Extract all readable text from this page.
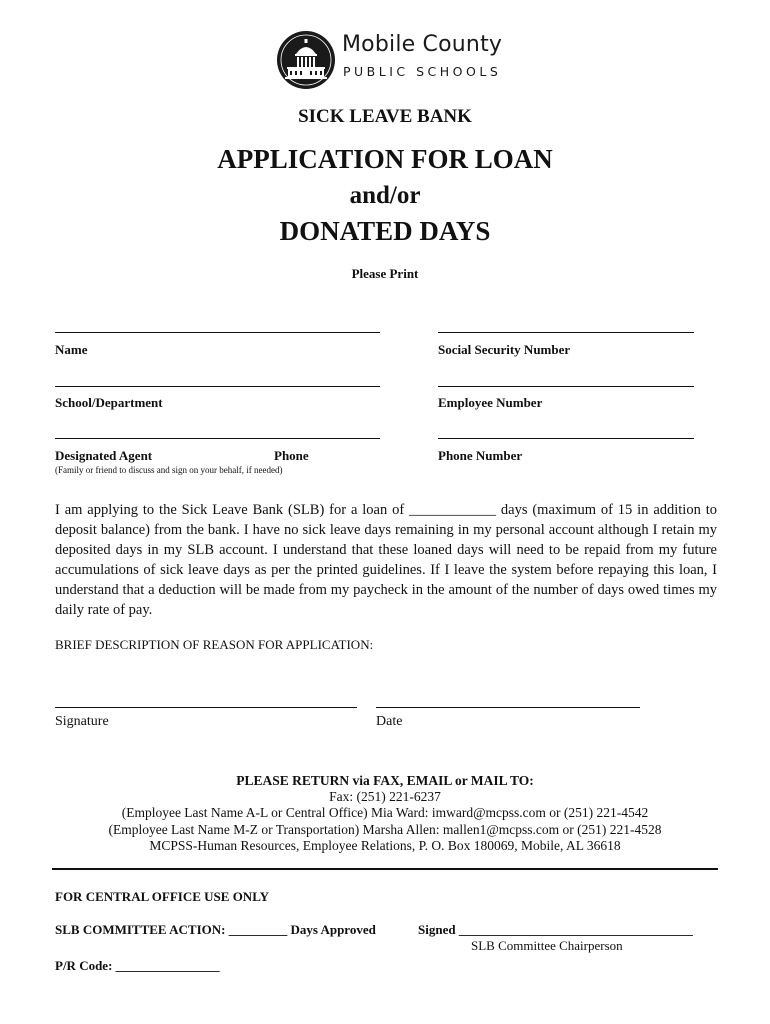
Mobile County
PUBLIC SCHOOLS
SICK LEAVE BANK
APPLICATION FOR LOAN
and/or
DONATED DAYS
Please Print
Name	Social Security Number
School/Department	Employee Number
Designated Agent	Phone	Phone Number
(Family or friend to discuss and sign on your behalf, if needed)
I am applying to the Sick Leave Bank (SLB) for a loan of ____________ days (maximum of 15 in addition to deposit balance) from the bank. I have no sick leave days remaining in my personal account although I retain my deposited days in my SLB account. I understand that these loaned days will need to be repaid from my future accumulations of sick leave days as per the printed guidelines. If I leave the system before repaying this loan, I understand that a deduction will be made from my paycheck in the amount of the number of days owed times my daily rate of pay.
BRIEF DESCRIPTION OF REASON FOR APPLICATION:
Signature	Date
PLEASE RETURN via FAX, EMAIL or MAIL TO:
Fax: (251) 221-6237
(Employee Last Name A-L or Central Office) Mia Ward: imward@mcpss.com or (251) 221-4542
(Employee Last Name M-Z or Transportation) Marsha Allen: mallen1@mcpss.com or (251) 221-4528
MCPSS-Human Resources, Employee Relations, P. O. Box 180069, Mobile, AL 36618
FOR CENTRAL OFFICE USE ONLY
SLB COMMITTEE ACTION: _________ Days Approved	Signed ____________________________________
SLB Committee Chairperson
P/R Code: ________________
